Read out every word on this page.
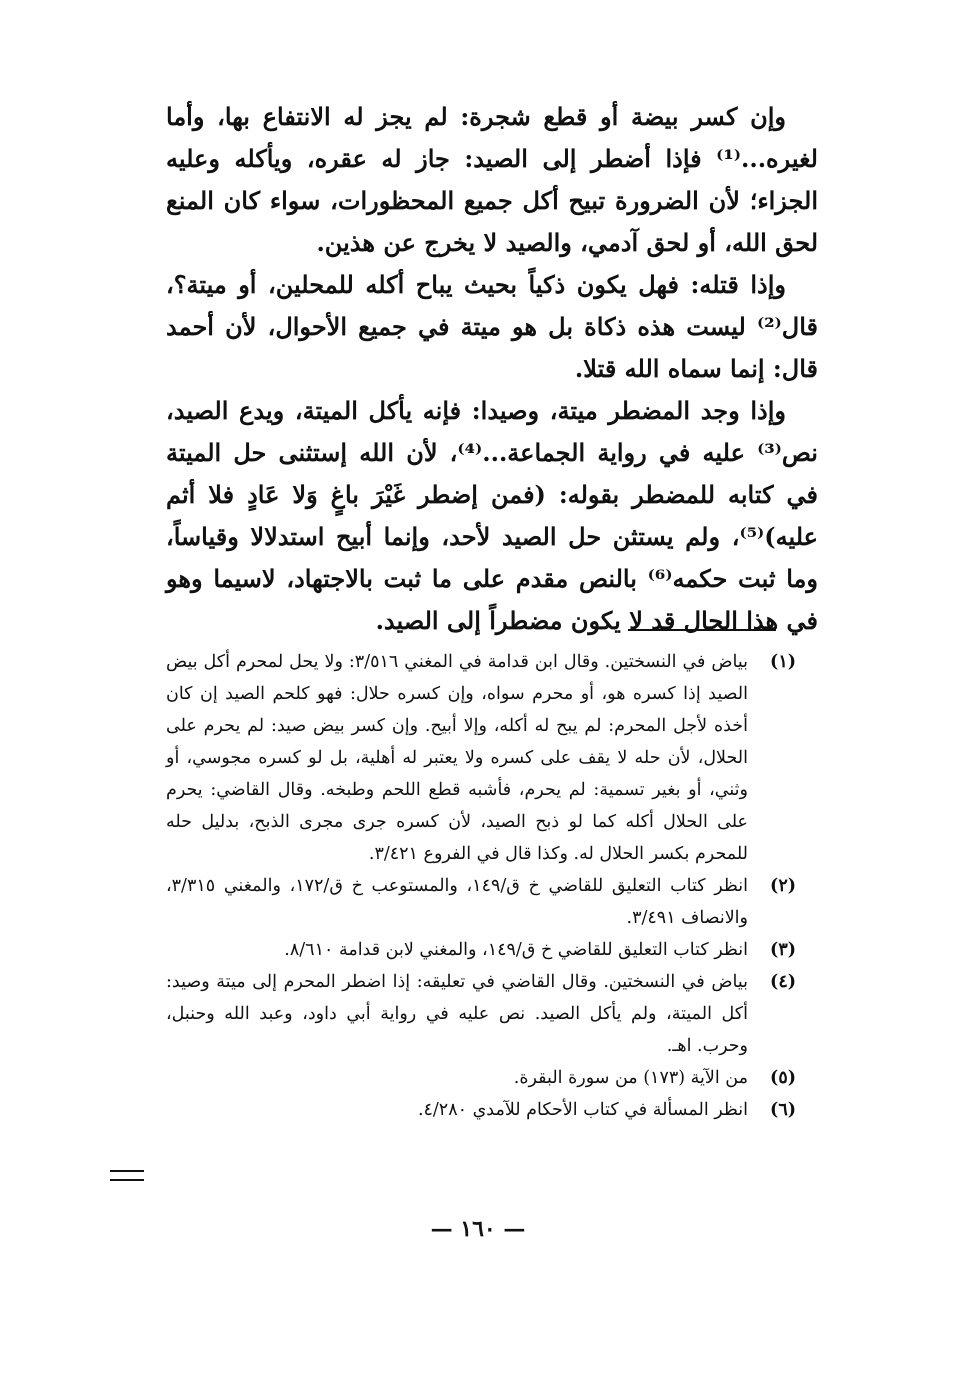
وإن كسر بيضة أو قطع شجرة: لم يجز له الانتفاع بها، وأما لغيره...⁽¹⁾ فإذا أضطر إلى الصيد: جاز له عقره، ويأكله وعليه الجزاء؛ لأن الضرورة تبيح أكل جميع المحظورات، سواء كان المنع لحق الله، أو لحق آدمي، والصيد لا يخرج عن هذين.

وإذا قتله: فهل يكون ذكياً بحيث يباح أكله للمحلين، أو ميتة؟، قال⁽²⁾ ليست هذه ذكاة بل هو ميتة في جميع الأحوال، لأن أحمد قال: إنما سماه الله قتلا.

وإذا وجد المضطر ميتة، وصيدا: فإنه يأكل الميتة، ويدع الصيد، نص⁽³⁾ عليه في رواية الجماعة...⁽⁴⁾، لأن الله إستثنى حل الميتة في كتابه للمضطر بقوله: (فمن إضطر غَيْرَ باغٍ وَلا عَادٍ فلا أثم عليه)⁽⁵⁾، ولم يستثن حل الصيد لأحد، وإنما أبيح استدلالا وقياساً، وما ثبت حكمه⁽⁶⁾ بالنص مقدم على ما ثبت بالاجتهاد، لاسيما وهو في هذا الحال قد لا يكون مضطراً إلى الصيد.

(١)
بياض في النسختين. وقال ابن قدامة في المغني ٣/٥١٦: ولا يحل لمحرم أكل بيض الصيد إذا كسره هو، أو محرم سواه، وإن كسره حلال: فهو كلحم الصيد إن كان أخذه لأجل المحرم: لم يبح له أكله، وإلا أبيح. وإن كسر بيض صيد: لم يحرم على الحلال، لأن حله لا يقف على كسره ولا يعتبر له أهلية، بل لو كسره مجوسي، أو وثني، أو بغير تسمية: لم يحرم، فأشبه قطع اللحم وطبخه. وقال القاضي: يحرم على الحلال أكله كما لو ذبح الصيد، لأن كسره جرى مجرى الذبح، بدليل حله للمحرم بكسر الحلال له. وكذا قال في الفروع ٣/٤٢١.
(٢)
انظر كتاب التعليق للقاضي خ ق/١٤٩، والمستوعب خ ق/١٧٢، والمغني ٣/٣١٥، والانصاف ٣/٤٩١.
(٣)
انظر كتاب التعليق للقاضي خ ق/١٤٩، والمغني لابن قدامة ٨/٦١٠.
(٤)
بياض في النسختين. وقال القاضي في تعليقه: إذا اضطر المحرم إلى ميتة وصيد: أكل الميتة، ولم يأكل الصيد. نص عليه في رواية أبي داود، وعبد الله وحنبل، وحرب. اهـ.
(٥)
من الآية (١٧٣) من سورة البقرة.
(٦)
انظر المسألة في كتاب الأحكام للآمدي ٤/٢٨٠.
— ١٦٠ —
